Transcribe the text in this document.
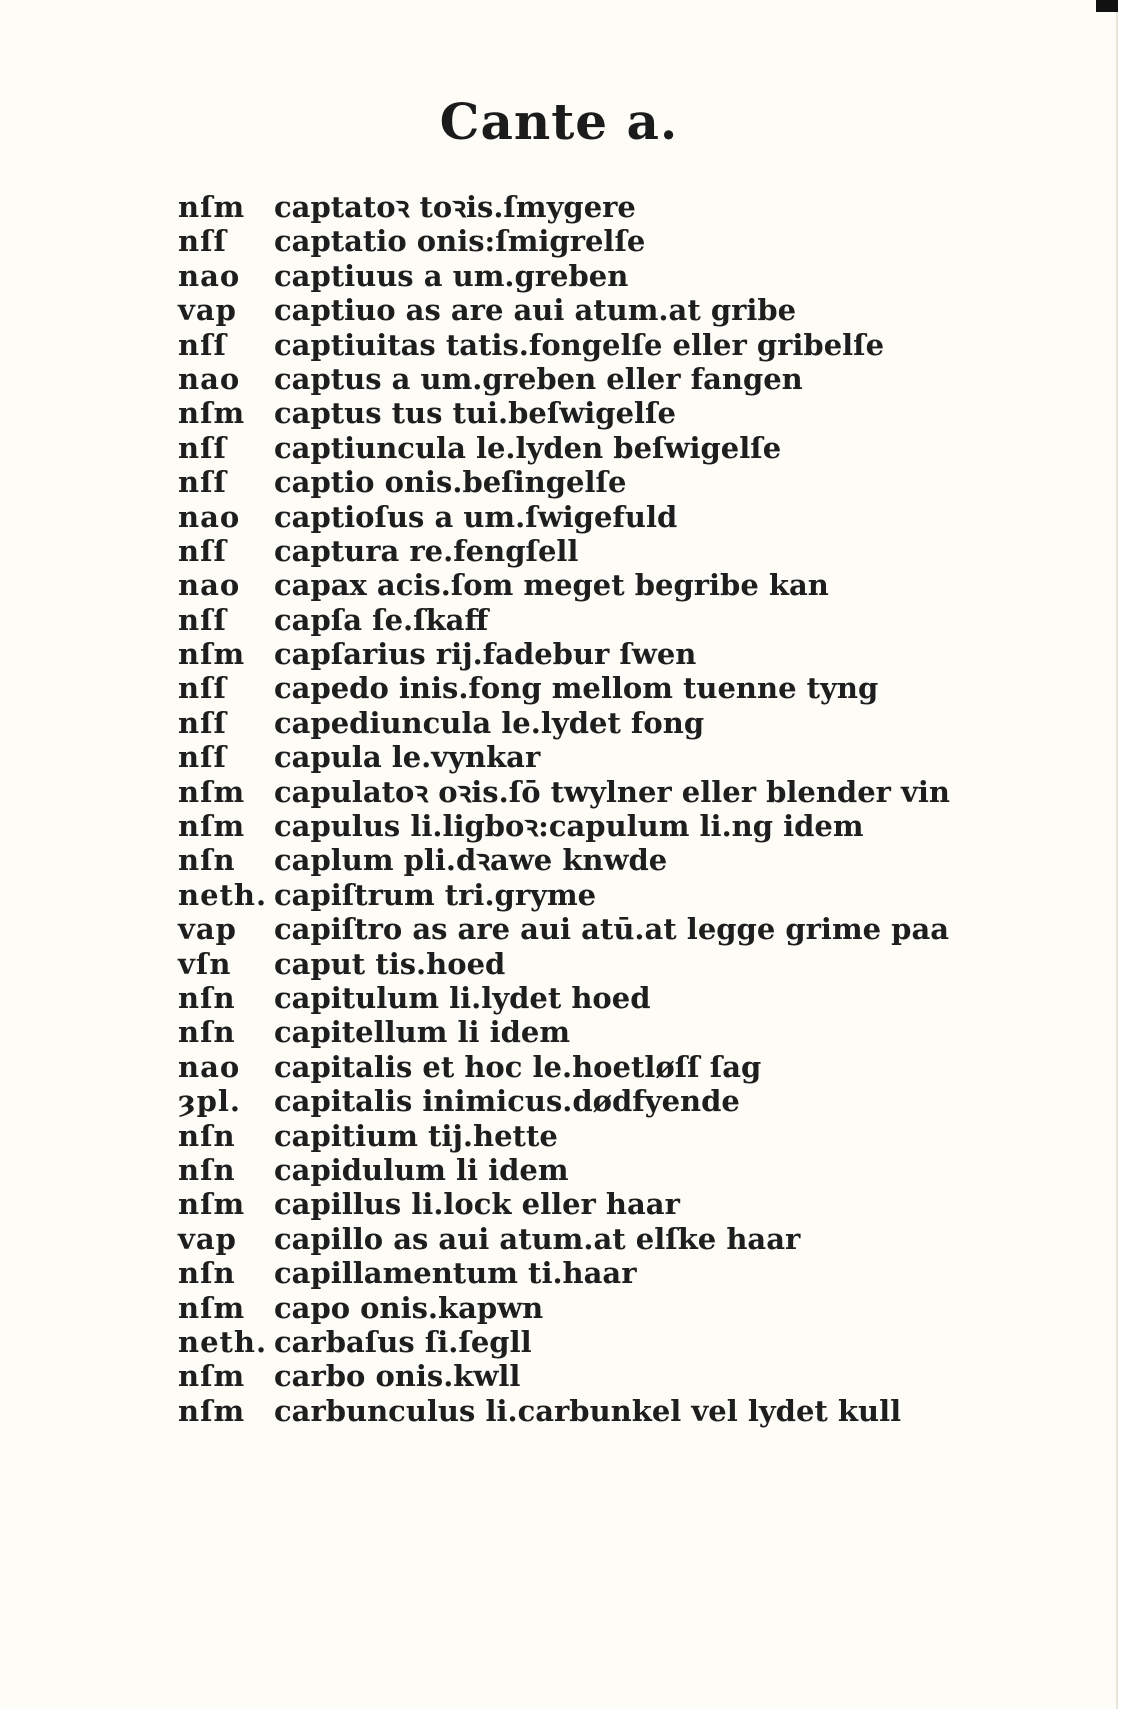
Cante a.
nſm captatoꝛ toꝛis.ſmygere
nſſ	captatio onis:ſmigrelſe
nao	captiuus a um.greben
vap	captiuo as are aui atum.at gribe
nſſ	captiuitas tatis.fongelſe eller gribelſe
nao	captus a um.greben eller fangen
nſm captus tus tui.beſwigelſe
nſſ	captiuncula le.lyden beſwigelſe
nſſ	captio onis.beſingelſe
nao	captioſus a um.ſwigefuld
nſſ	captura re.fengſell
nao	capax acis.ſom meget begribe kan
nſſ	capſa ſe.ſkaff
nſm capſarius rij.fadebur ſwen
nſſ	capedo inis.fong mellom tuenne tyng
nſſ	capediuncula le.lydet fong
nſſ	capula le.vynkar
nſm capulatoꝛ oꝛis.ſō twylner eller blender vin
nſm capulus li.ligboꝛ:capulum li.ng idem
nſn	caplum pli.dꝛawe knwde
neth. capiſtrum tri.gryme
vap	capiſtro as are aui atū.at legge grime paa
vſn	caput tis.hoed
nſn	capitulum li.lydet hoed
nſn	capitellum li idem
nao	capitalis et hoc le.hoetløſſ ſag
ȝpl.	capitalis inimicus.dødfyende
nſn	capitium tij.hette
nſn	capidulum li idem
nſm capillus li.lock eller haar
vap	capillo as aui atum.at elſke haar
nſn	capillamentum ti.haar
nſm capo onis.kapwn
neth. carbaſus ſi.ſegll
nſm carbo onis.kwll
nſm carbunculus li.carbunkel vel lydet kull
